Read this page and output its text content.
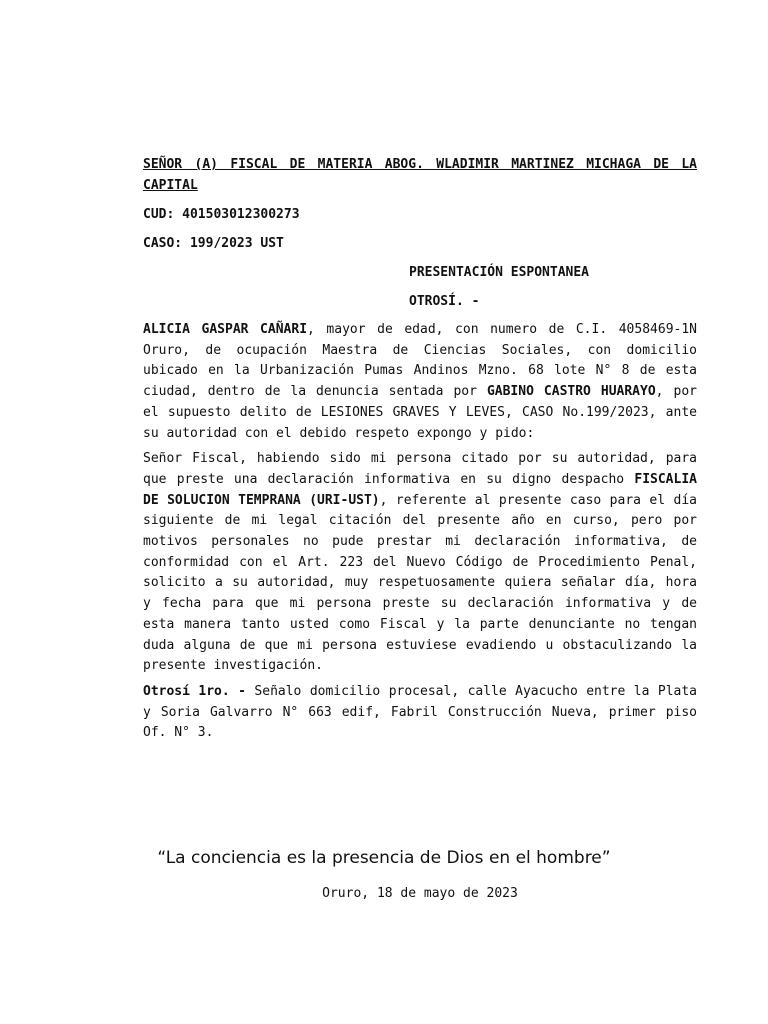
SEÑOR (A) FISCAL DE MATERIA ABOG. WLADIMIR MARTINEZ MICHAGA DE LA CAPITAL

CUD: 401503012300273

CASO: 199/2023 UST

PRESENTACIÓN ESPONTANEA

OTROSÍ. -

ALICIA GASPAR CAÑARI, mayor de edad, con numero de C.I. 4058469-1N Oruro, de ocupación Maestra de Ciencias Sociales, con domicilio ubicado en la Urbanización Pumas Andinos Mzno. 68 lote N° 8 de esta ciudad, dentro de la denuncia sentada por GABINO CASTRO HUARAYO, por el supuesto delito de LESIONES GRAVES Y LEVES, CASO No.199/2023, ante su autoridad con el debido respeto expongo y pido:

Señor Fiscal, habiendo sido mi persona citado por su autoridad, para que preste una declaración informativa en su digno despacho FISCALIA DE SOLUCION TEMPRANA (URI-UST), referente al presente caso para el día siguiente de mi legal citación del presente año en curso, pero por motivos personales no pude prestar mi declaración informativa, de conformidad con el Art. 223 del Nuevo Código de Procedimiento Penal, solicito a su autoridad, muy respetuosamente quiera señalar día, hora y fecha para que mi persona preste su declaración informativa y de esta manera tanto usted como Fiscal y la parte denunciante no tengan duda alguna de que mi persona estuviese evadiendo u obstaculizando la presente investigación.

Otrosí 1ro. - Señalo domicilio procesal, calle Ayacucho entre la Plata y Soria Galvarro N° 663 edif, Fabril Construcción Nueva, primer piso Of. N° 3.

“La conciencia es la presencia de Dios en el hombre”
Oruro, 18 de mayo de 2023
